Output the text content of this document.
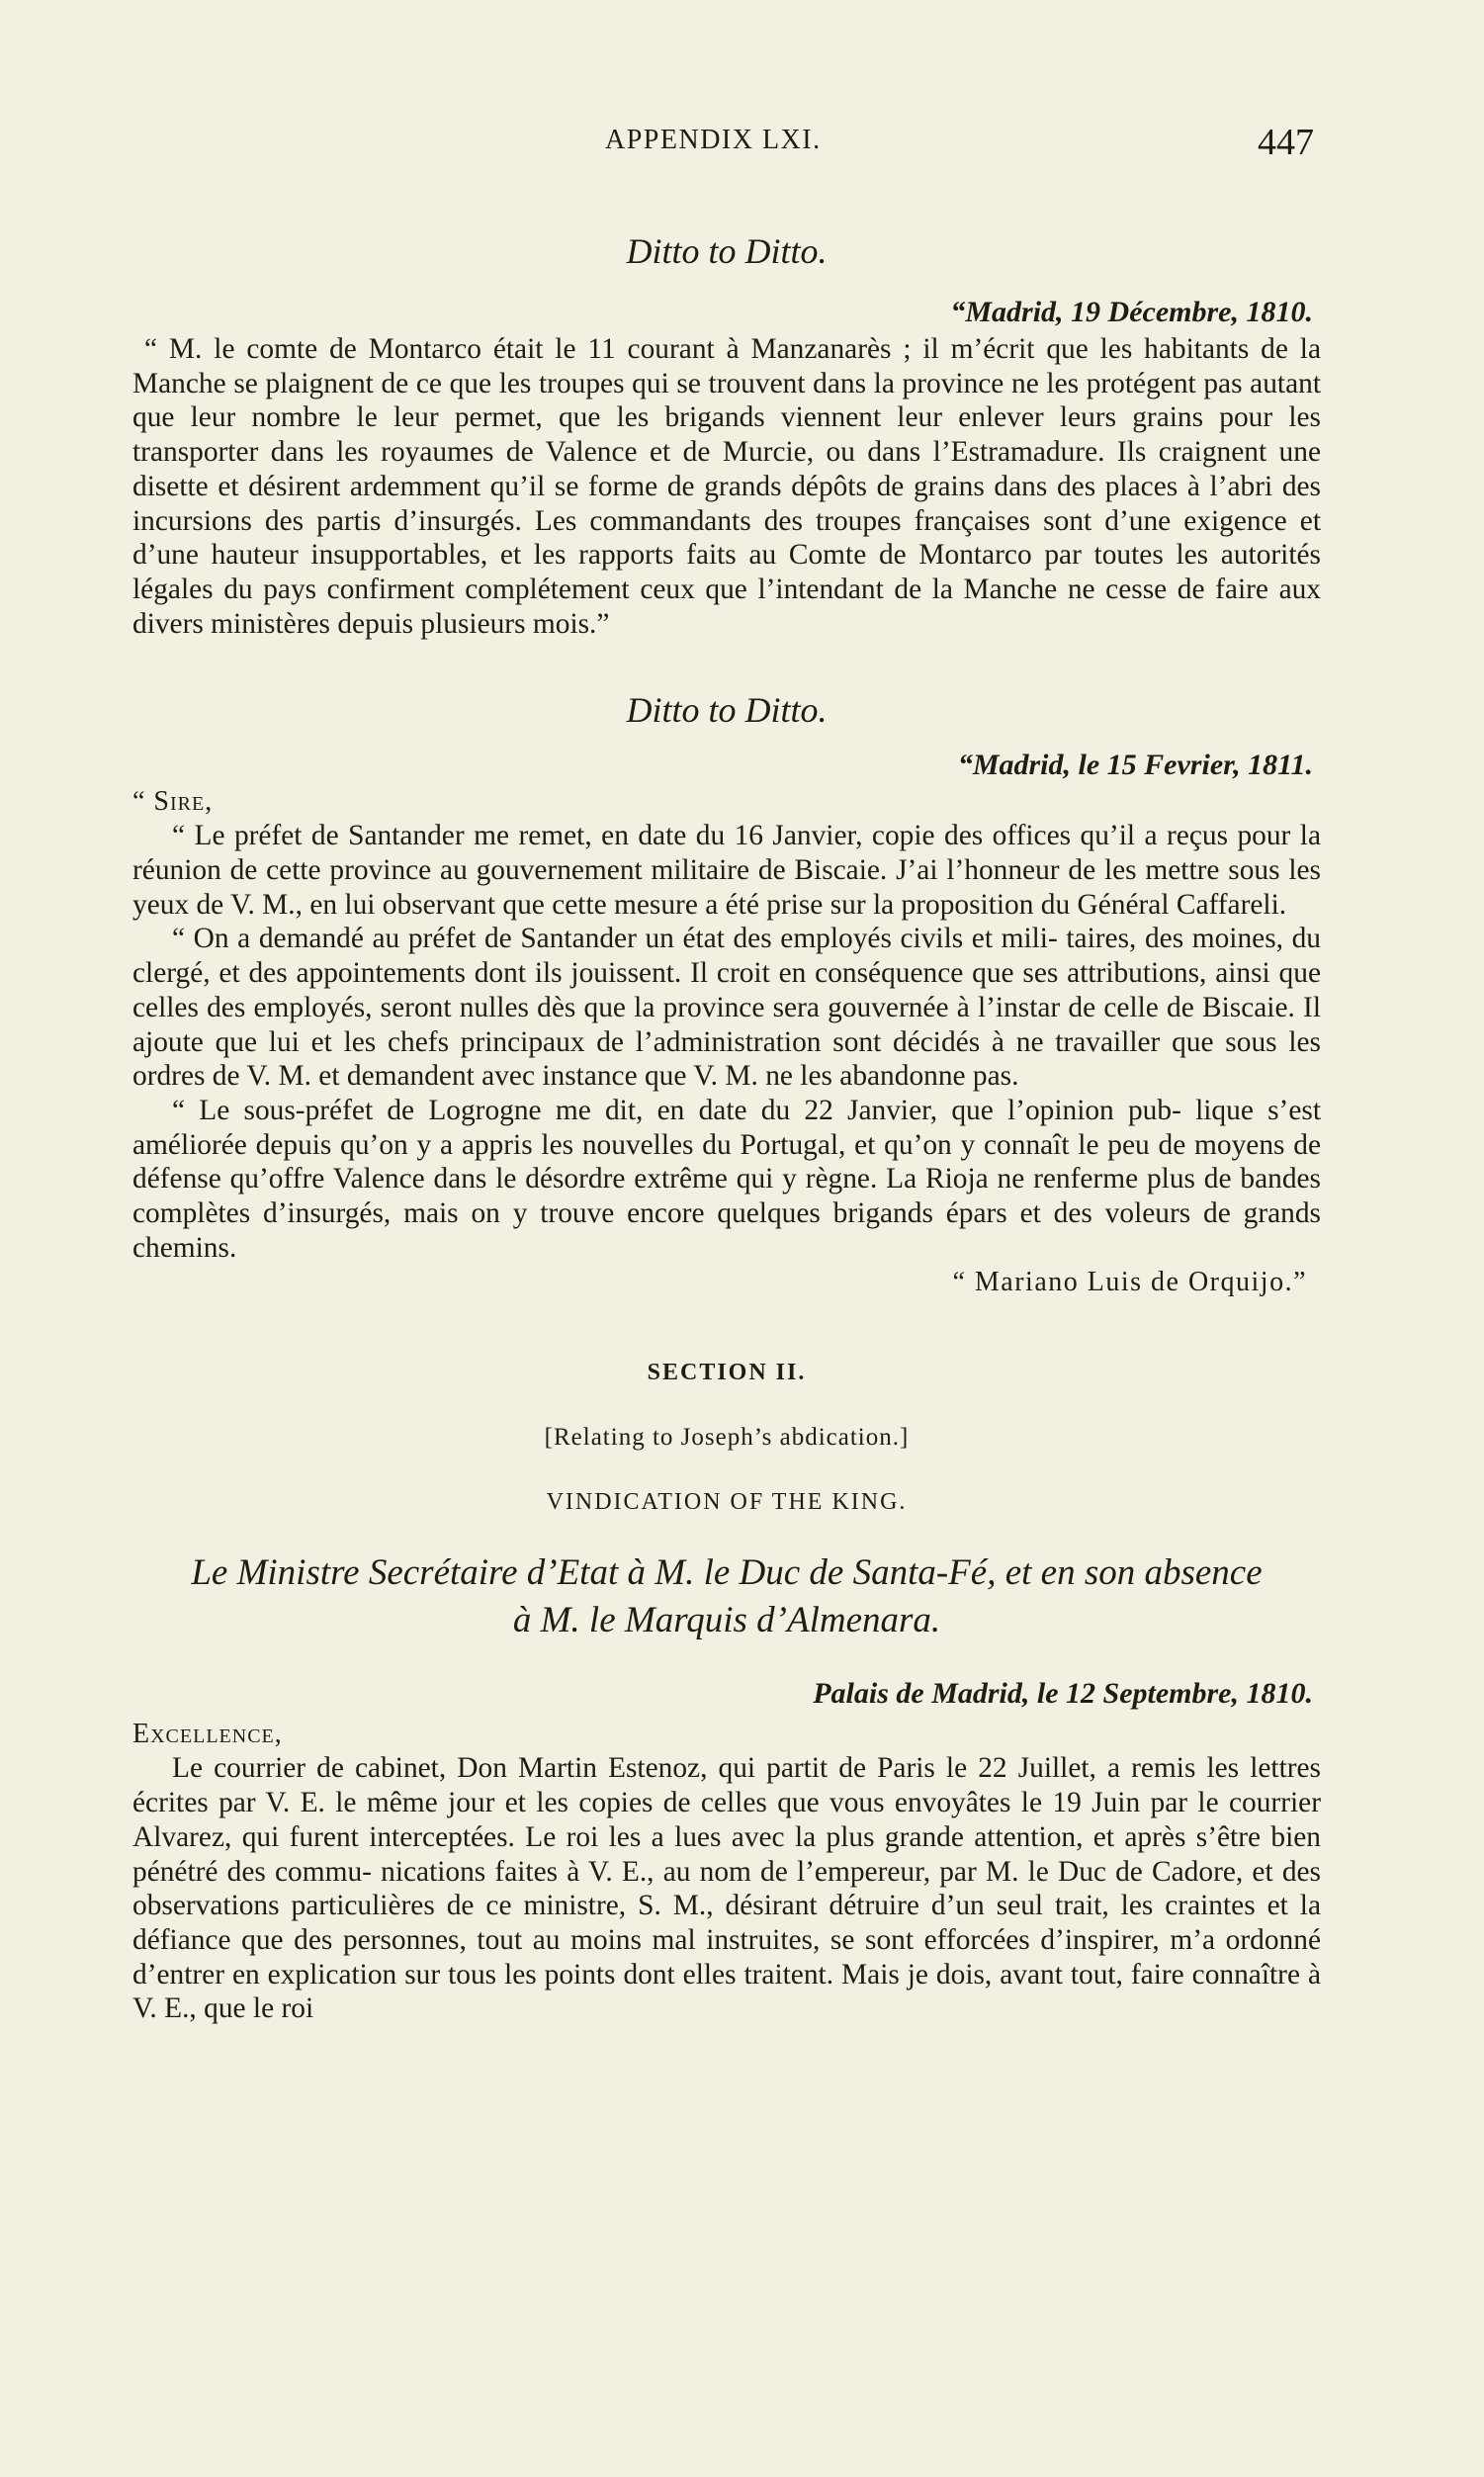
APPENDIX LXI.	447
Ditto to Ditto.
“Madrid, 19 Décembre, 1810.

“ M. le comte de Montarco était le 11 courant à Manzanarès ; il m’écrit que les habitants de la Manche se plaignent de ce que les troupes qui se trouvent dans la province ne les protégent pas autant que leur nombre le leur permet, que les brigands viennent leur enlever leurs grains pour les transporter dans les royaumes de Valence et de Murcie, ou dans l’Estramadure. Ils craignent une disette et désirent ardemment qu’il se forme de grands dépôts de grains dans des places à l’abri des incursions des partis d’insurgés. Les commandants des troupes françaises sont d’une exigence et d’une hauteur insupportables, et les rapports faits au Comte de Montarco par toutes les autorités légales du pays confirment complétement ceux que l’intendant de la Manche ne cesse de faire aux divers ministères depuis plusieurs mois.”

Ditto to Ditto.
“Madrid, le 15 Fevrier, 1811.
“ Sire,

“ Le préfet de Santander me remet, en date du 16 Janvier, copie des offices qu’il a reçus pour la réunion de cette province au gouvernement militaire de Biscaie. J’ai l’honneur de les mettre sous les yeux de V. M., en lui observant que cette mesure a été prise sur la proposition du Général Caffareli.

“ On a demandé au préfet de Santander un état des employés civils et mili- taires, des moines, du clergé, et des appointements dont ils jouissent. Il croit en conséquence que ses attributions, ainsi que celles des employés, seront nulles dès que la province sera gouvernée à l’instar de celle de Biscaie. Il ajoute que lui et les chefs principaux de l’administration sont décidés à ne travailler que sous les ordres de V. M. et demandent avec instance que V. M. ne les abandonne pas.

“ Le sous-préfet de Logrogne me dit, en date du 22 Janvier, que l’opinion pub- lique s’est améliorée depuis qu’on y a appris les nouvelles du Portugal, et qu’on y connaît le peu de moyens de défense qu’offre Valence dans le désordre extrême qui y règne. La Rioja ne renferme plus de bandes complètes d’insurgés, mais on y trouve encore quelques brigands épars et des voleurs de grands chemins.

“ Mariano Luis de Orquijo.”
SECTION II.
[Relating to Joseph’s abdication.]
VINDICATION OF THE KING.
Le Ministre Secrétaire d’Etat à M. le Duc de Santa-Fé, et en son absence
à M. le Marquis d’Almenara.
Palais de Madrid, le 12 Septembre, 1810.
Excellence,

Le courrier de cabinet, Don Martin Estenoz, qui partit de Paris le 22 Juillet, a remis les lettres écrites par V. E. le même jour et les copies de celles que vous envoyâtes le 19 Juin par le courrier Alvarez, qui furent interceptées. Le roi les a lues avec la plus grande attention, et après s’être bien pénétré des commu- nications faites à V. E., au nom de l’empereur, par M. le Duc de Cadore, et des observations particulières de ce ministre, S. M., désirant détruire d’un seul trait, les craintes et la défiance que des personnes, tout au moins mal instruites, se sont efforcées d’inspirer, m’a ordonné d’entrer en explication sur tous les points dont elles traitent. Mais je dois, avant tout, faire connaître à V. E., que le roi
